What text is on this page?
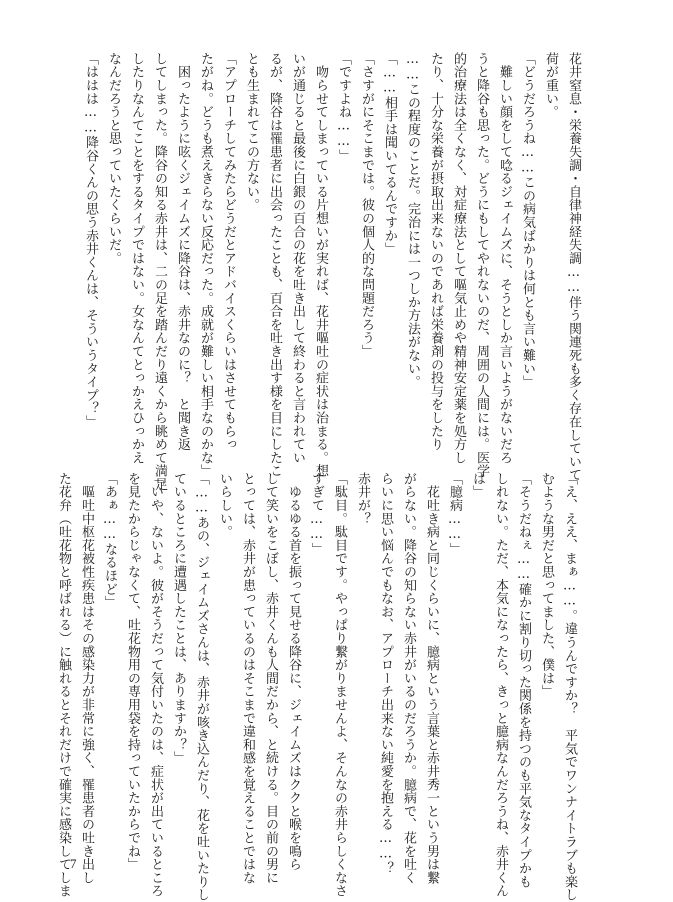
花井窒息・栄養失調・自律神経失調……伴う関連死も多く存在していて

荷が重い。

「どうだろうね……この病気ばかりは何とも言い難い」

　難しい顔をして唸るジェイムズに、そうとしか言いようがないだろ

うと降谷も思った。どうにもしてやれないのだ、周囲の人間には。医学

的治療法は全くなく、対症療法として嘔気止めや精神安定薬を処方し

たり、十分な栄養が摂取出来ないのであれば栄養剤の投与をしたり

……この程度のことだ。完治には一つしか方法がない。

「……相手は聞いてるんですか」

「さすがにそこまでは。彼の個人的な問題だろう」

「ですよね……」

　吻らせてしまっている片想いが実れば、花井嘔吐の症状は治まる。想

いが通じると最後に白銀の百合の花を吐き出して終わると言われてい

るが、降谷は罹患者に出会ったことも、百合を吐き出す様を目にしたこ

とも生まれてこの方ない。

「アプローチしてみたらどうだとアドバイスくらいはさせてもらっ

たがね。どうも煮えきらない反応だった。成就が難しい相手なのかな」

　困ったように呟くジェイムズに降谷は、赤井なのに？　と聞き返

してしまった。降谷の知る赤井は、二の足を踏んだり遠くから眺めて満足

したりなんてことをするタイプではない。女なんてとっかえひっかえ

なんだろうと思っていたくらいだ。

「ははは……降谷くんの思う赤井くんは、そういうタイプ？」

「え、ええ、まぁ……。違うんですか？　平気でワンナイトラブも楽し

むような男だと思ってました、僕は」

「そうだねぇ……確かに割り切った関係を持つのも平気なタイプかも

しれない。ただ、本気になったら、きっと臆病なんだろうね、赤井くん

は」

「臆病……」

　花吐き病と同じくらいに、臆病という言葉と赤井秀一という男は繋

がらない。降谷の知らない赤井がいるのだろうか。臆病で、花を吐く

らいに思い悩んでもなお、アプローチ出来ない純愛を抱える……？

赤井が？

「駄目。駄目です。やっぱり繋がりませんよ、そんなの赤井らしくなさ

すぎて……」

　ゆるゆる首を振って見せる降谷に、ジェイムズはククと喉を鳴ら

して笑いをこぼし、赤井くんも人間だから、と続ける。目の前の男に

とっては、赤井が患っているのはそこまで違和感を覚えることではな

いらしい。

「……あの、ジェイムズさんは、赤井が咳き込んだり、花を吐いたりし

ているところに遭遇したことは、ありますか？」

「いや、ないよ。彼がそうだって気付いたのは、症状が出ているところ

を見たからじゃなくて、吐花物用の専用袋を持っていたからでね」

「あぁ……なるほど」

　嘔吐中枢花被性疾患はその感染力が非常に強く、罹患者の吐き出し

た花弁（吐花物と呼ばれる）に触れるとそれだけで確実に感染してしま 7
